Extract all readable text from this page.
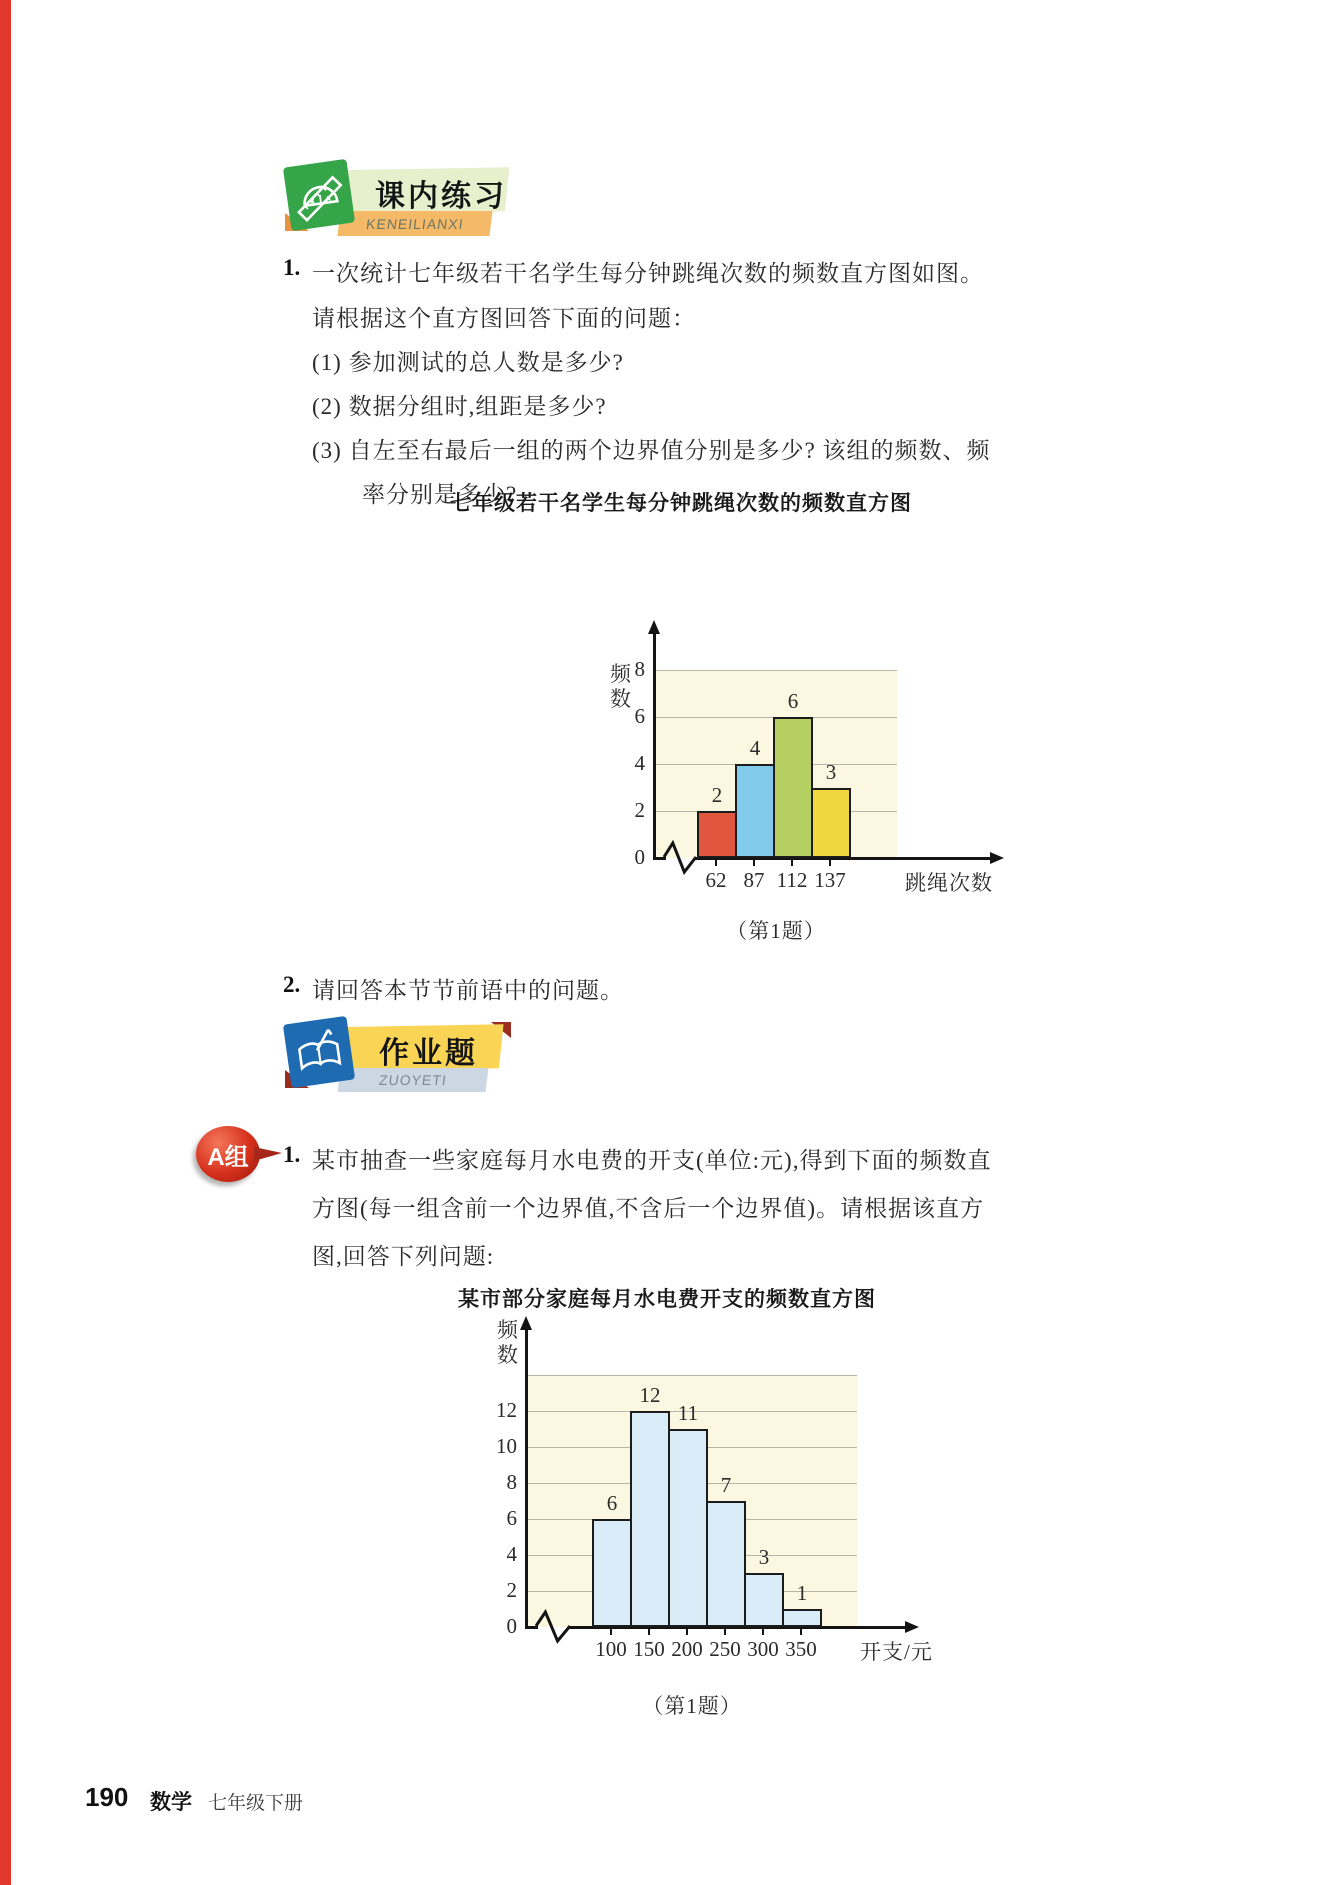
KENEILIANXI
课内练习
1. 一次统计七年级若干名学生每分钟跳绳次数的频数直方图如图。
请根据这个直方图回答下面的问题：
(1) 参加测试的总人数是多少?
(2) 数据分组时,组距是多少?
(3) 自左至右最后一组的两个边界值分别是多少? 该组的频数、频
率分别是多少?
七年级若干名学生每分钟跳绳次数的频数直方图
频数
跳绳次数
（第1题）
0
2
4
6
8
2
62
4
87
6
112
3
137
2. 请回答本节节前语中的问题。
ZUOYETI
作业题
A组 1. 某市抽查一些家庭每月水电费的开支(单位:元),得到下面的频数直
方图(每一组含前一个边界值,不含后一个边界值)。请根据该直方
图,回答下列问题:
某市部分家庭每月水电费开支的频数直方图
频数
开支/元
（第1题）
0
2
4
6
8
10
12
6
100
12
150
11
200
7
250
3
300
1
350
190 数学 七年级下册
